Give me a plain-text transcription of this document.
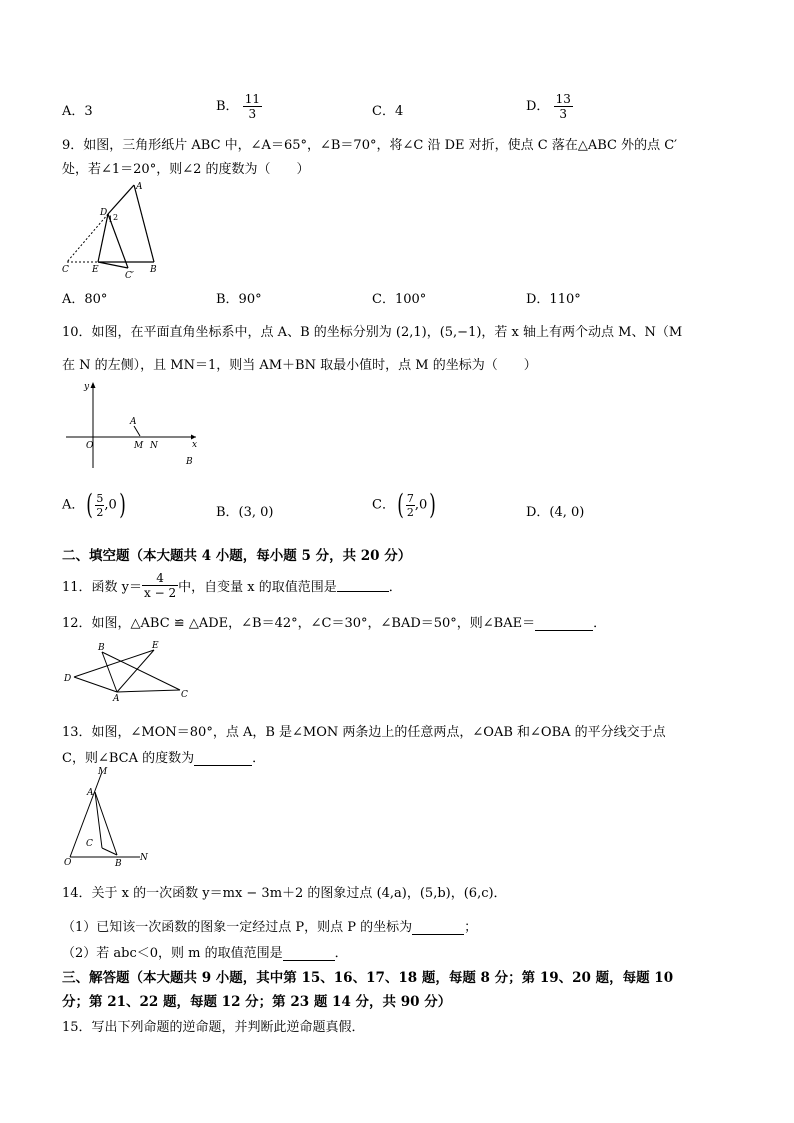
A．3	B． $\frac{11}{3}$	C．4	D． $\frac{13}{3}$
9．如图，三角形纸片 ABC 中，∠A＝65°，∠B＝70°，将∠C 沿 DE 对折，使点 C 落在△ABC 外的点 C′
处，若∠1＝20°，则∠2 的度数为（　　）
A
D
1 2
C	E
C′
B
A．80°	B．90°	C．100°	D．110°
10．如图，在平面直角坐标系中，点 A、B 的坐标分别为 (2,1)，(5,−1)，若 x 轴上有两个动点 M、N（M
在 N 的左侧），且 MN＝1，则当 AM＋BN 取最小值时，点 M 的坐标为（　　）
y
x
O
A
M N
B
A．( $\frac{5}{2},0$)	B．(3, 0)	C．( $\frac{7}{2},0$)	D．(4, 0)
二、填空题（本大题共 4 小题，每小题 5 分，共 20 分）
11．函数 $y= \frac{4}{x - 2}$ 中，自变量 x 的取值范围是	．
12．如图，△ABC ≌ △ADE，∠B＝42°，∠C＝30°，∠BAD＝50°，则∠BAE＝	．
B	E
D
A	C
13．如图，∠MON＝80°，点 A，B 是∠MON 两条边上的任意两点，∠OAB 和∠OBA 的平分线交于点
C，则∠BCA 的度数为	．
M
A
C
O	B
N
14．关于 x 的一次函数 y＝mx − 3m＋2 的图象过点 (4,a)，(5,b)，(6,c)．
（1）已知该一次函数的图象一定经过点 P，则点 P 的坐标为	；
（2）若 abc＜0，则 m 的取值范围是	．
三、解答题（本大题共 9 小题，其中第 15、16、17、18 题，每题 8 分；第 19、20 题，每题 10
分；第 21、22 题，每题 12 分；第 23 题 14 分，共 90 分）
15．写出下列命题的逆命题，并判断此逆命题真假．
